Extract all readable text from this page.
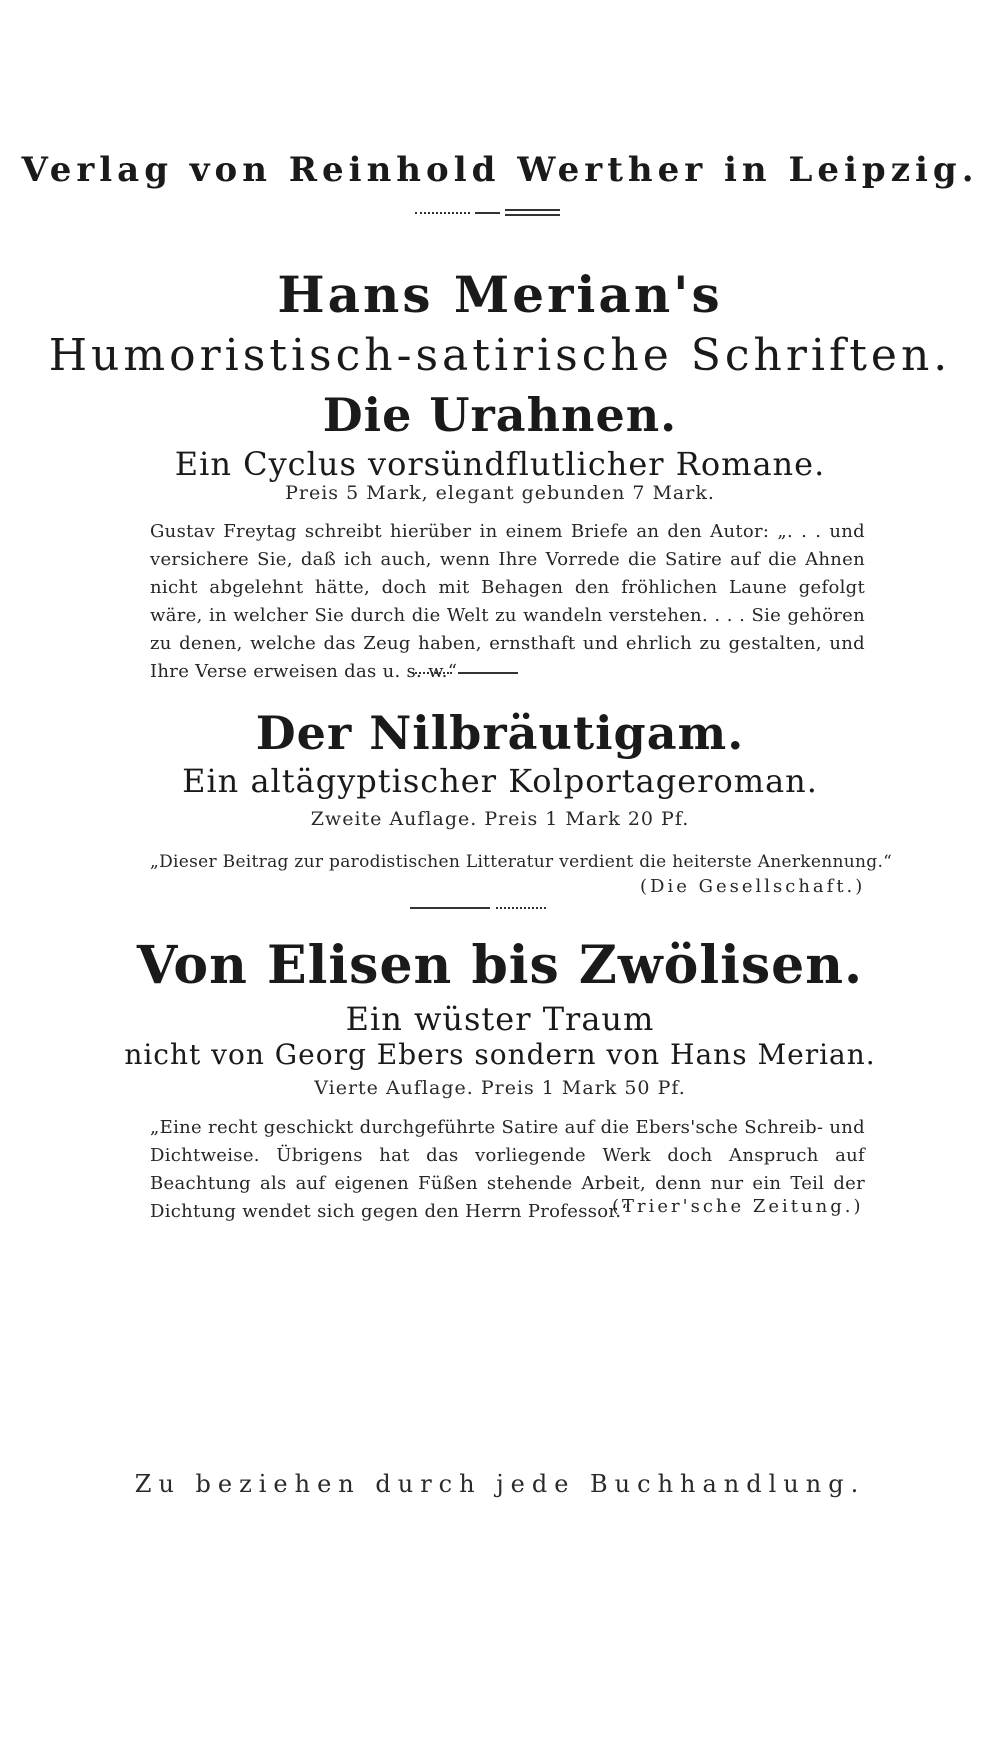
Verlag von Reinhold Werther in Leipzig.
Hans Merian's
Humoristisch-satirische Schriften.
Die Urahnen.
Ein Cyclus vorsündflutlicher Romane.
Preis 5 Mark, elegant gebunden 7 Mark.
Gustav Freytag schreibt hierüber in einem Briefe an den Autor: „. . . und versichere Sie, daß ich auch, wenn Ihre Vorrede die Satire auf die Ahnen nicht abgelehnt hätte, doch mit Behagen den fröhlichen Laune gefolgt wäre, in welcher Sie durch die Welt zu wandeln verstehen. . . . Sie gehören zu denen, welche das Zeug haben, ernsthaft und ehrlich zu gestalten, und Ihre Verse erweisen das u. s. w.“
Der Nilbräutigam.
Ein altägyptischer Kolportageroman.
Zweite Auflage. Preis 1 Mark 20 Pf.
„Dieser Beitrag zur parodistischen Litteratur verdient die heiterste Anerkennung.“
(Die Gesellschaft.)
Von Elisen bis Zwölisen.
Ein wüster Traum
nicht von Georg Ebers sondern von Hans Merian.
Vierte Auflage. Preis 1 Mark 50 Pf.
„Eine recht geschickt durchgeführte Satire auf die Ebers'sche Schreib- und Dichtweise. Übrigens hat das vorliegende Werk doch Anspruch auf Beachtung als auf eigenen Füßen stehende Arbeit, denn nur ein Teil der Dichtung wendet sich gegen den Herrn Professor.“
(Trier'sche Zeitung.)
Zu beziehen durch jede Buchhandlung.
